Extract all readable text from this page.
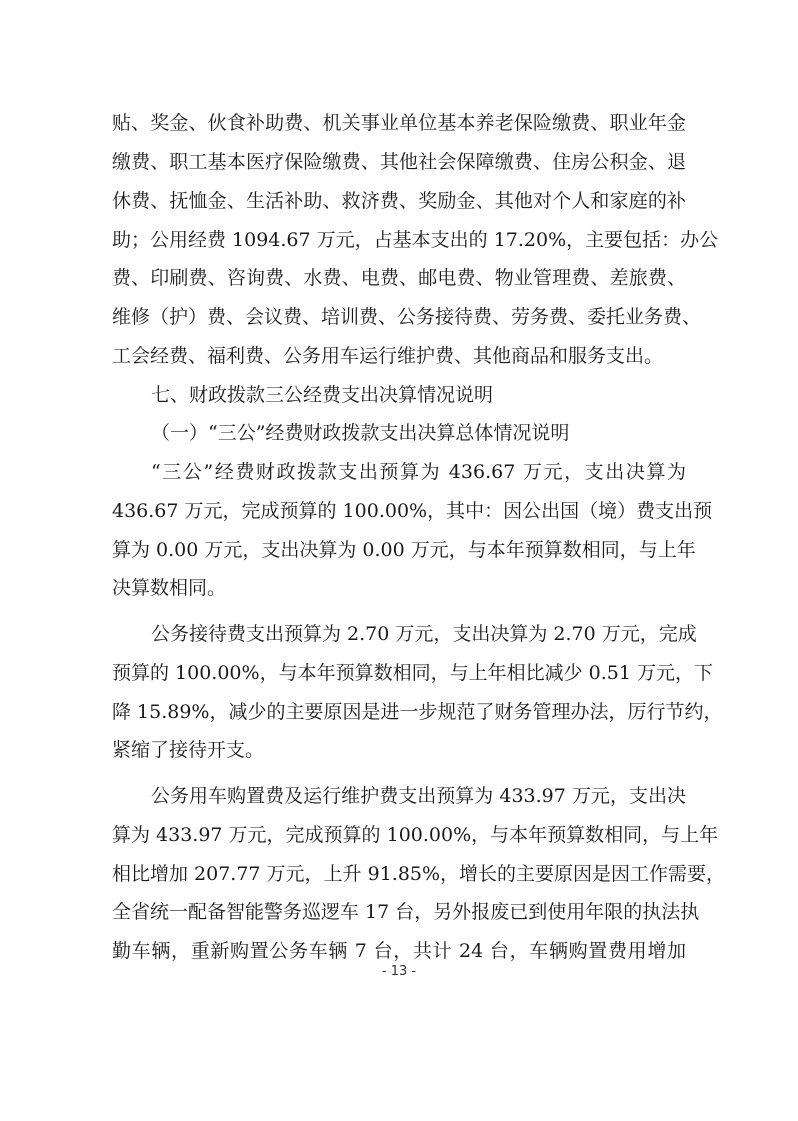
贴、奖金、伙食补助费、机关事业单位基本养老保险缴费、职业年金
缴费、职工基本医疗保险缴费、其他社会保障缴费、住房公积金、退
休费、抚恤金、生活补助、救济费、奖励金、其他对个人和家庭的补
助；公用经费 1094.67 万元，占基本支出的 17.20%，主要包括：办公
费、印刷费、咨询费、水费、电费、邮电费、物业管理费、差旅费、
维修（护）费、会议费、培训费、公务接待费、劳务费、委托业务费、
工会经费、福利费、公务用车运行维护费、其他商品和服务支出。
七、财政拨款三公经费支出决算情况说明
（一）“三公”经费财政拨款支出决算总体情况说明
“三公”经费财政拨款支出预算为 436.67 万元，支出决算为
436.67 万元，完成预算的 100.00%，其中：因公出国（境）费支出预
算为 0.00 万元，支出决算为 0.00 万元，与本年预算数相同，与上年
决算数相同。
公务接待费支出预算为 2.70 万元，支出决算为 2.70 万元，完成
预算的 100.00%，与本年预算数相同，与上年相比减少 0.51 万元，下
降 15.89%，减少的主要原因是进一步规范了财务管理办法，厉行节约，
紧缩了接待开支。
公务用车购置费及运行维护费支出预算为 433.97 万元，支出决
算为 433.97 万元，完成预算的 100.00%，与本年预算数相同，与上年
相比增加 207.77 万元，上升 91.85%，增长的主要原因是因工作需要，
全省统一配备智能警务巡逻车 17 台，另外报废已到使用年限的执法执
勤车辆，重新购置公务车辆 7 台，共计 24 台，车辆购置费用增加
- 13 -
